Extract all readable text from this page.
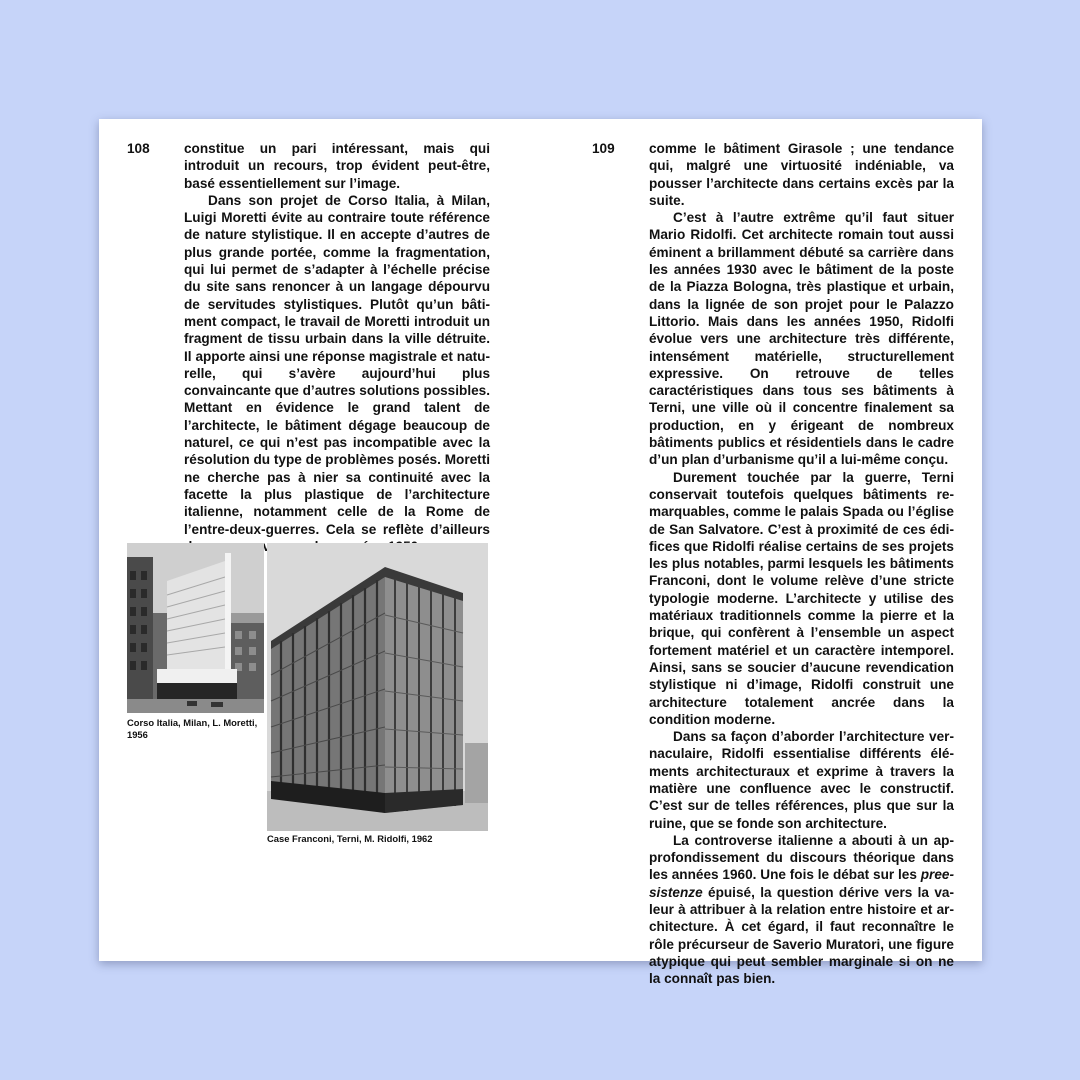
108	constitue un pari intéressant, mais qui introduit un recours, trop évident peut-être, basé essentiellement sur l’image.

Dans son projet de Corso Italia, à Milan, Luigi Moretti évite au contraire toute référence de nature stylistique. Il en accepte d’autres de plus grande portée, comme la fragmentation, qui lui permet de s’adapter à l’échelle précise du site sans renoncer à un langage dépourvu de servitudes stylistiques. Plutôt qu’un bâtiment compact, le travail de Moretti introduit un fragment de tissu urbain dans la ville détruite. Il apporte ainsi une réponse magistrale et naturelle, qui s’avère aujourd’hui plus convaincante que d’autres solutions possibles. Mettant en évidence le grand talent de l’architecte, le bâtiment dégage beaucoup de naturel, ce qui n’est pas incompatible avec la résolution du type de problèmes posés. Moretti ne cherche pas à nier sa continuité avec la facette la plus plastique de l’architecture italienne, notamment celle de la Rome de l’entre-deux-guerres. Cela se reflète d’ailleurs

Corso Italia, Milan, L. Moretti, 1956
Case Franconi, Terni, M. Ridolfi, 1962
109	comme le bâtiment Girasole ; une tendance qui, malgré une virtuosité indéniable, va pousser l’architecte dans certains excès par la suite.

C’est à l’autre extrême qu’il faut situer Mario Ridolfi. Cet architecte romain tout aussi éminent a brillamment débuté sa carrière dans les années 1930 avec le bâtiment de la poste de la Piazza Bologna, très plastique et urbain, dans la lignée de son projet pour le Palazzo Littorio. Mais dans les années 1950, Ridolfi évolue vers une architecture très différente, intensément matérielle, structurellement expressive. On retrouve de telles caractéristiques dans tous ses bâtiments à Terni, une ville où il concentre finalement sa production, en y érigeant de nombreux bâtiments publics et résidentiels dans le cadre d’un plan d’urbanisme qu’il a lui-même conçu.

Durement touchée par la guerre, Terni conservait toutefois quelques bâtiments remarquables, comme le palais Spada ou l’église de San Salvatore. C’est à proximité de ces édifices que Ridolfi réalise certains de ses projets les plus notables, parmi lesquels les bâtiments Franconi, dont le volume relève d’une stricte typologie moderne. L’architecte y utilise des matériaux traditionnels comme la pierre et la brique, qui confèrent à l’ensemble un aspect fortement matériel et un caractère intemporel. Ainsi, sans se soucier d’aucune revendication stylistique ni d’image, Ridolfi construit une architecture totalement ancrée dans la condition moderne.

Dans sa façon d’aborder l’architecture vernaculaire, Ridolfi essentialise différents éléments architecturaux et exprime à travers la matière une confluence avec le constructif. C’est sur de telles références, plus que sur la ruine, que se fonde son architecture.

La controverse italienne a abouti à un approfondissement du discours théorique dans les années 1960. Une fois le débat sur les preesistenze épuisé, la question dérive vers la valeur à attribuer à la relation entre histoire et architecture. À cet égard, il faut reconnaître le rôle précurseur de Saverio Muratori, une figure atypique qui peut sembler marginale si on ne la connaît pas bien.
